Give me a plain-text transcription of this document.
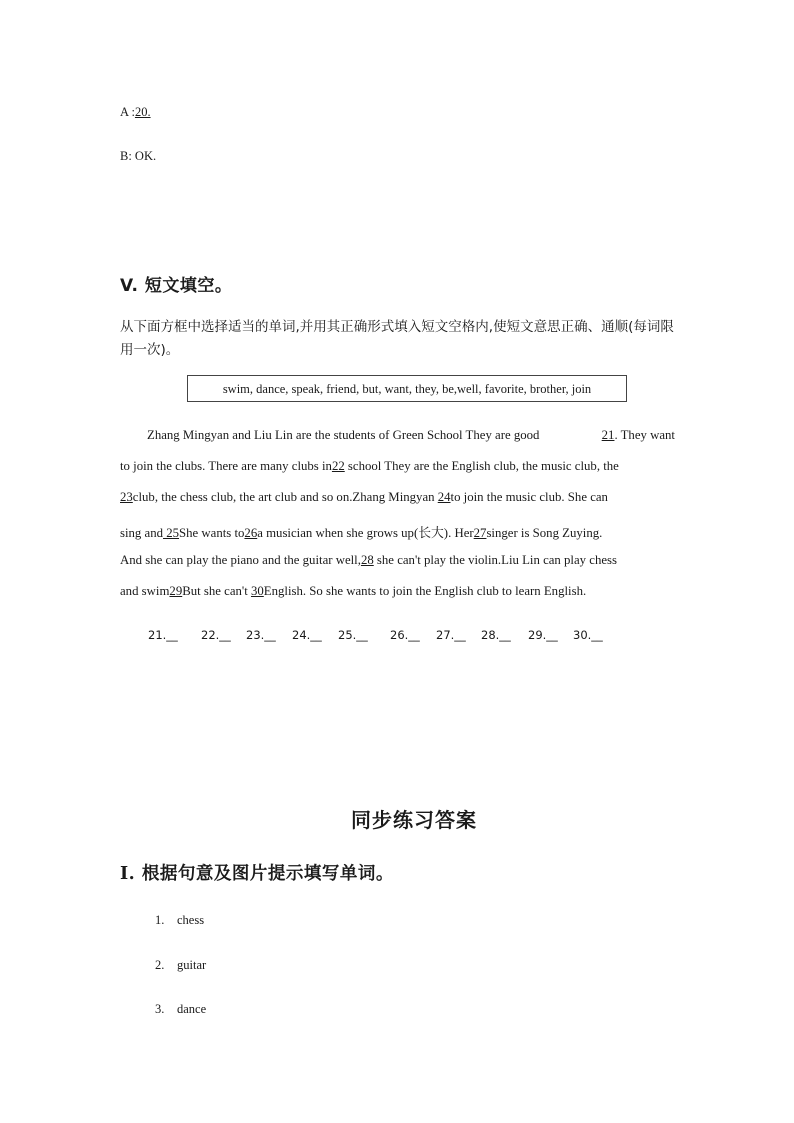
A :20.
B: OK.
V. 短文填空。
从下面方框中选择适当的单词,并用其正确形式填入短文空格内,使短文意思正确、通顺(每词限用一次)。
swim, dance, speak, friend, but, want, they, be,well, favorite, brother, join
Zhang Mingyan and Liu Lin are the students of Green School They are good	21. They want
to join the clubs. There are many clubs in22 school They are the English club, the music club, the
23club, the chess club, the art club and so on.Zhang Mingyan 24to join the music club. She can
sing and 25She wants to26a musician when she grows up(长大). Her27singer is Song Zuying.
And she can play the piano and the guitar well,28 she can't play the violin.Liu Lin can play chess
and swim29But she can't 30English. So she wants to join the English club to learn English.
21.__	22.__	23.__	24.__	25.__	26.__	27.__	28.__	29.__	30.__
同步练习答案
I. 根据句意及图片提示填写单词。
1. chess
2. guitar
3. dance
